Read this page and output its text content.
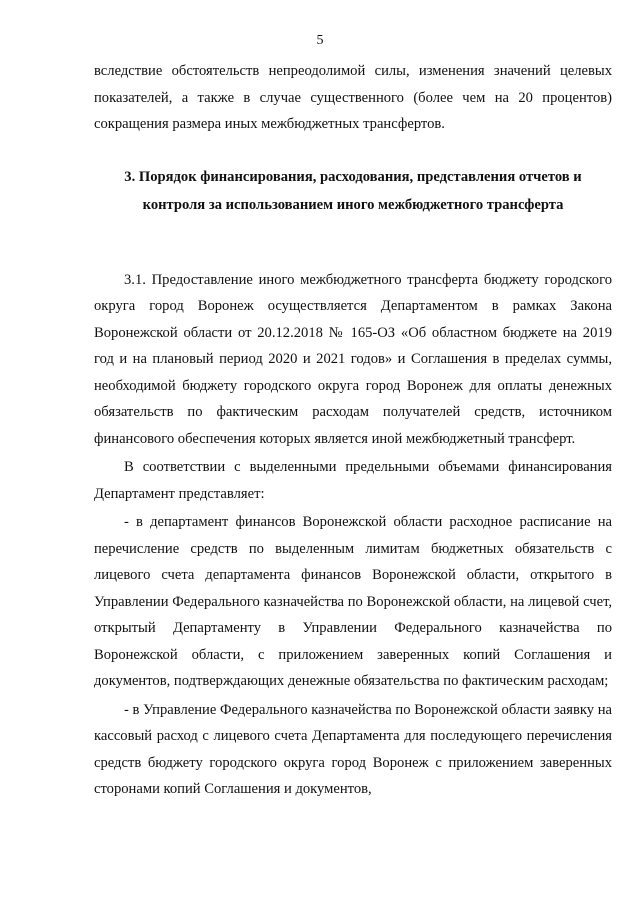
5

вследствие обстоятельств непреодолимой силы, изменения значений целевых показателей, а также в случае существенного (более чем на 20 процентов) сокращения размера иных межбюджетных трансфертов.

3. Порядок финансирования, расходования, представления отчетов и контроля за использованием иного межбюджетного трансферта

3.1. Предоставление иного межбюджетного трансферта бюджету городского округа город Воронеж осуществляется Департаментом в рамках Закона Воронежской области от 20.12.2018 № 165-ОЗ «Об областном бюджете на 2019 год и на плановый период 2020 и 2021 годов» и Соглашения в пределах суммы, необходимой бюджету городского округа город Воронеж для оплаты денежных обязательств по фактическим расходам получателей средств, источником финансового обеспечения которых является иной межбюджетный трансферт.

В соответствии с выделенными предельными объемами финансирования Департамент представляет:

- в департамент финансов Воронежской области расходное расписание на перечисление средств по выделенным лимитам бюджетных обязательств с лицевого счета департамента финансов Воронежской области, открытого в Управлении Федерального казначейства по Воронежской области, на лицевой счет, открытый Департаменту в Управлении Федерального казначейства по Воронежской области, с приложением заверенных копий Соглашения и документов, подтверждающих денежные обязательства по фактическим расходам;

- в Управление Федерального казначейства по Воронежской области заявку на кассовый расход с лицевого счета Департамента для последующего перечисления средств бюджету городского округа город Воронеж с приложением заверенных сторонами копий Соглашения и документов,
